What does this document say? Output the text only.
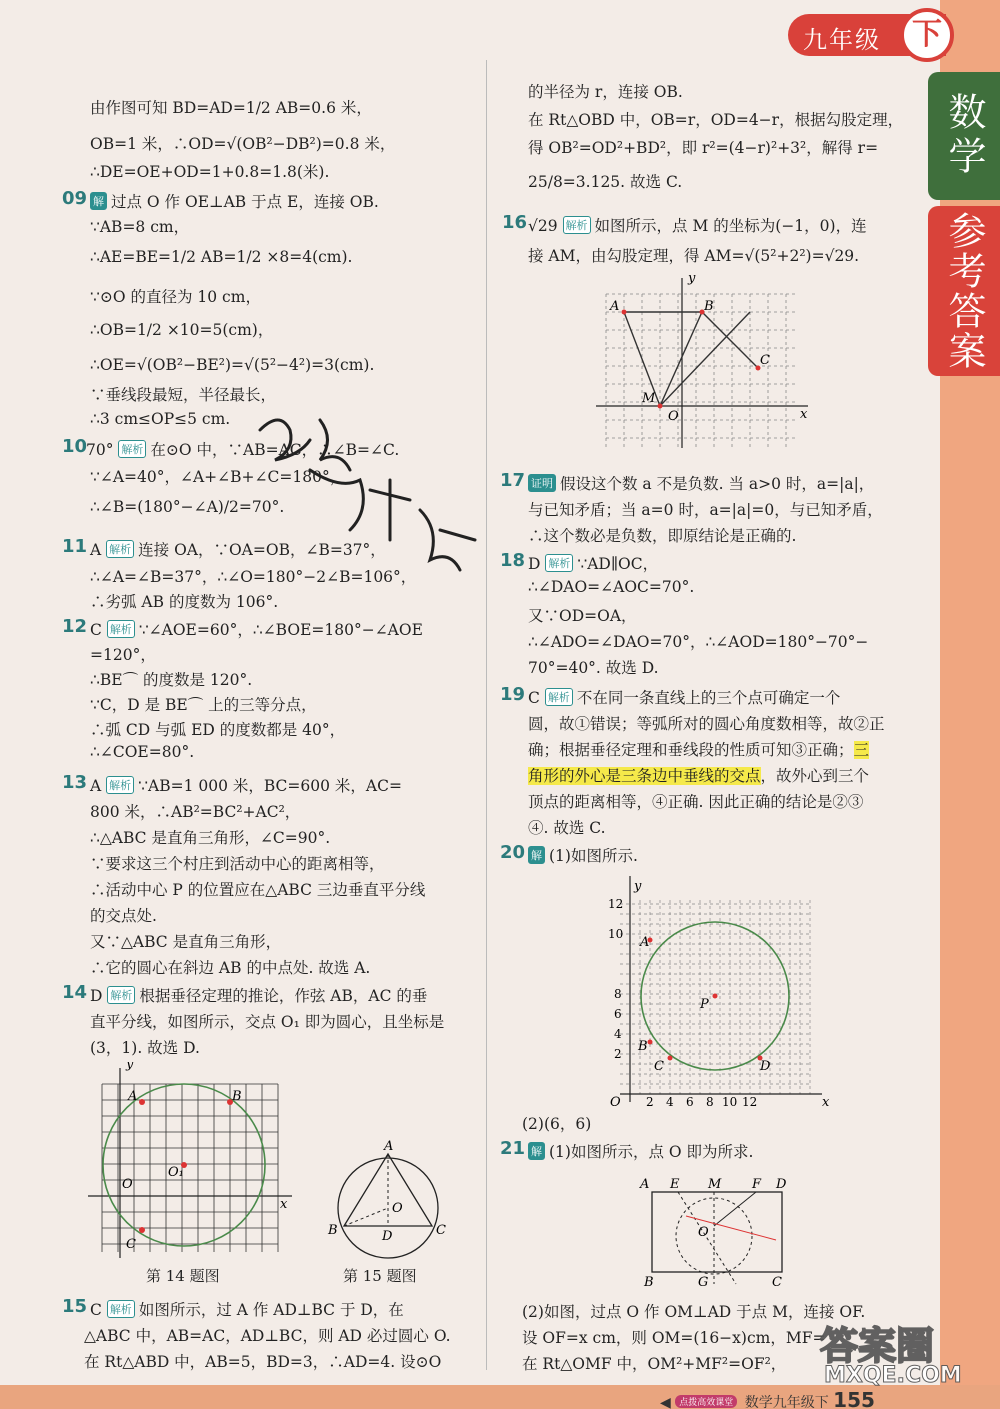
九年级	下
数学
参考答案
由作图可知 BD=AD=1/2 AB=0.6 米，
OB=1 米，∴OD=√(OB²−DB²)=0.8 米，
∴DE=OE+OD=1+0.8=1.8(米).
09 解 过点 O 作 OE⊥AB 于点 E，连接 OB.
∵AB=8 cm，
∴AE=BE=1/2 AB=1/2 ×8=4(cm).
∵⊙O 的直径为 10 cm，
∴OB=1/2 ×10=5(cm)，
∴OE=√(OB²−BE²)=√(5²−4²)=3(cm).
∵垂线段最短，半径最长，
∴3 cm≤OP≤5 cm.
10
70° 解析 在⊙O 中，∵AB=AC，∴∠B=∠C.
∵∠A=40°，∠A+∠B+∠C=180°，
∴∠B=(180°−∠A)/2=70°.
11 A 解析 连接 OA，∵OA=OB，∠B=37°，
∴∠A=∠B=37°，∴∠O=180°−2∠B=106°，
∴劣弧 AB 的度数为 106°.
12 C 解析 ∵∠AOE=60°，∴∠BOE=180°−∠AOE
=120°，
∴BE⌒ 的度数是 120°.
∵C，D 是 BE⌒ 上的三等分点，
∴弧 CD 与弧 ED 的度数都是 40°，
∴∠COE=80°.
13 A 解析 ∵AB=1 000 米，BC=600 米，AC=
800 米，∴AB²=BC²+AC²，
∴△ABC 是直角三角形，∠C=90°.
∵要求这三个村庄到活动中心的距离相等，
∴活动中心 P 的位置应在△ABC 三边垂直平分线
的交点处.
又∵△ABC 是直角三角形，
∴它的圆心在斜边 AB 的中点处. 故选 A.
14 D 解析 根据垂径定理的推论，作弦 AB，AC 的垂
直平分线，如图所示，交点 O₁ 即为圆心，且坐标是
(3，1). 故选 D.
y
x
A	B
C
O
O₁
第 14 题图
A
B	C
D
O
第 15 题图
15 C 解析 如图所示，过 A 作 AD⊥BC 于 D，在
△ABC 中，AB=AC，AD⊥BC，则 AD 必过圆心 O.
在 Rt△ABD 中，AB=5，BD=3，∴AD=4. 设⊙O
的半径为 r，连接 OB.
在 Rt△OBD 中，OB=r，OD=4−r，根据勾股定理，
得 OB²=OD²+BD²，即 r²=(4−r)²+3²，解得 r=
25/8=3.125. 故选 C.
16 √29 解析 如图所示，点 M 的坐标为(−1，0)，连
接 AM，由勾股定理，得 AM=√(5²+2²)=√29.
y
x
A	B
C
M
O
17 证明 假设这个数 a 不是负数. 当 a>0 时，a=|a|，
与已知矛盾；当 a=0 时，a=|a|=0，与已知矛盾，
∴这个数必是负数，即原结论是正确的.
18 D 解析 ∵AD∥OC，
∴∠DAO=∠AOC=70°.
又∵OD=OA，
∴∠ADO=∠DAO=70°，∴∠AOD=180°−70°−
70°=40°. 故选 D.
19 C 解析 不在同一条直线上的三个点可确定一个
圆，故①错误；等弧所对的圆心角度数相等，故②正
确；根据垂径定理和垂线段的性质可知③正确；三
角形的外心是三条边中垂线的交点，故外心到三个
顶点的距离相等，④正确. 因此正确的结论是②③
④. 故选 C.
20 解 (1)如图所示.
y
x
O 2 4 6 8 10 12
2
4
6
8
10
12
A
B
C	D
P
(2)(6，6)
21 解 (1)如图所示，点 O 即为所求.
A E M F D
O
B	G	C
(2)如图，过点 O 作 OM⊥AD 于点 M，连接 OF.
设 OF=x cm，则 OM=(16−x)cm，MF=
在 Rt△OMF 中，OM²+MF²=OF²， 答案圈
MXQE.COM
◀ 点拨高效课堂 数学九年级下 155
